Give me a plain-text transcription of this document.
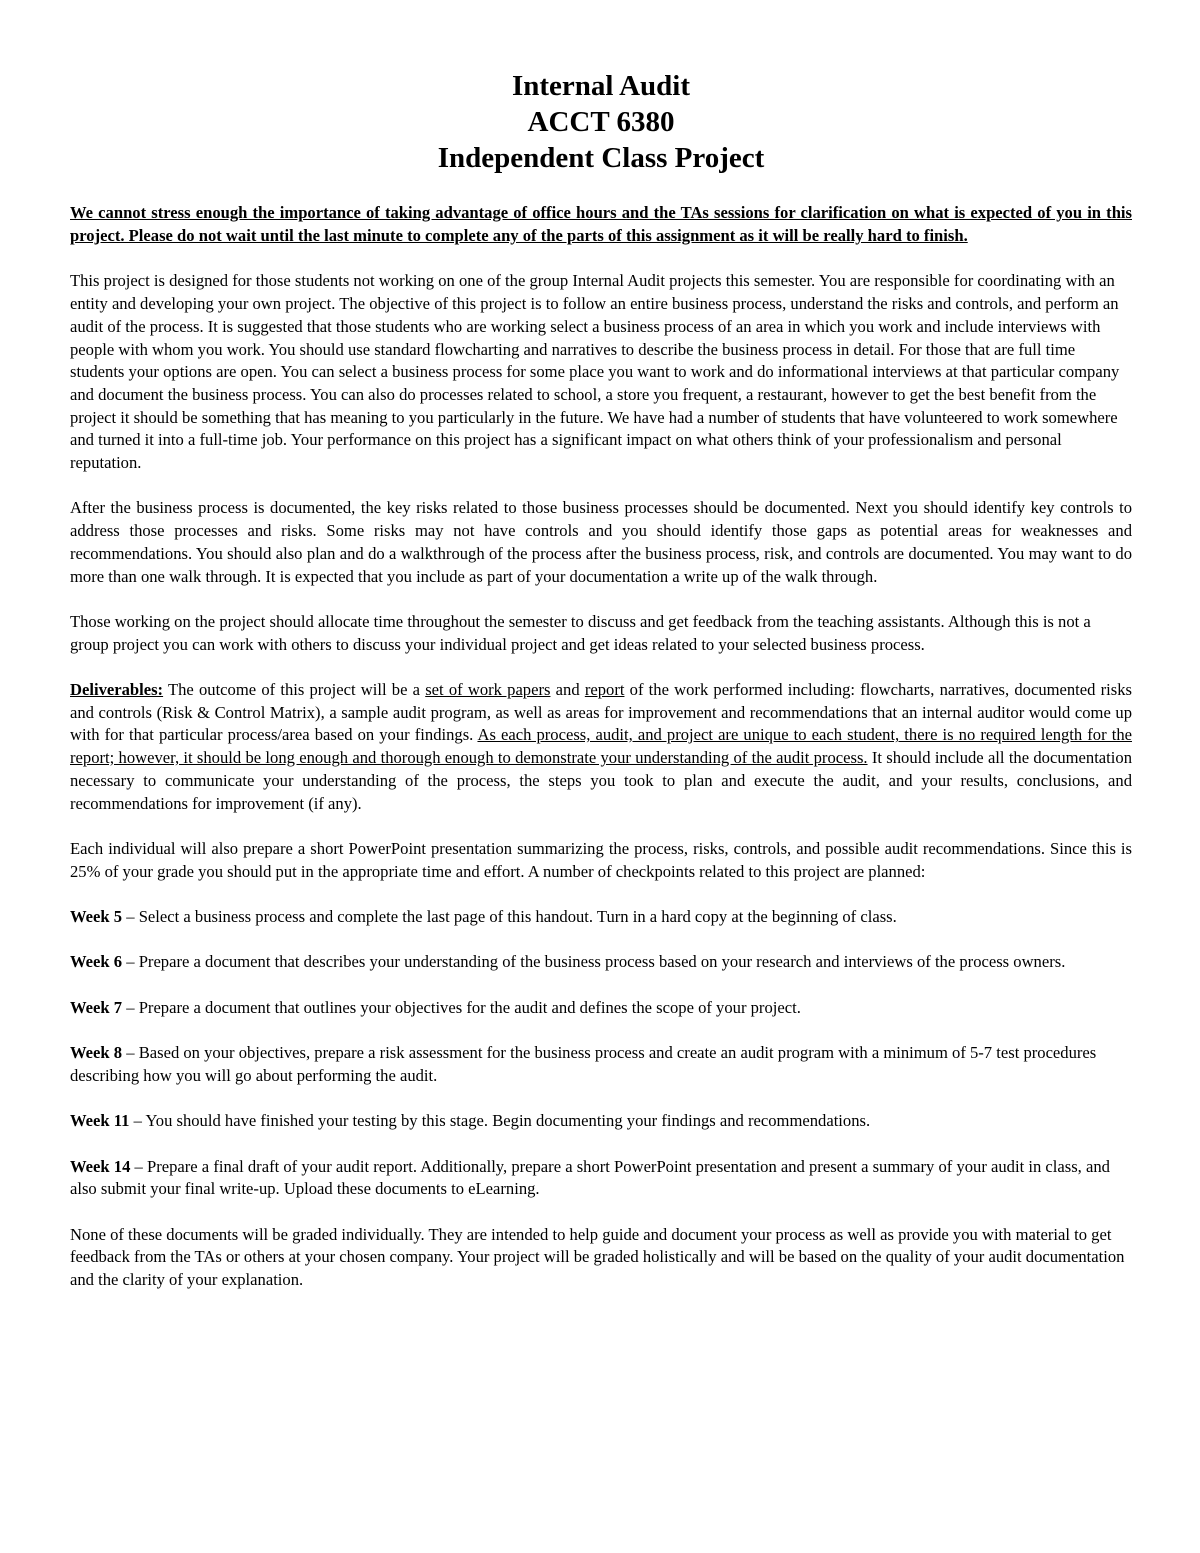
Internal Audit
ACCT 6380
Independent Class Project
We cannot stress enough the importance of taking advantage of office hours and the TAs sessions for clarification on what is expected of you in this project. Please do not wait until the last minute to complete any of the parts of this assignment as it will be really hard to finish.

This project is designed for those students not working on one of the group Internal Audit projects this semester. You are responsible for coordinating with an entity and developing your own project. The objective of this project is to follow an entire business process, understand the risks and controls, and perform an audit of the process. It is suggested that those students who are working select a business process of an area in which you work and include interviews with people with whom you work. You should use standard flowcharting and narratives to describe the business process in detail. For those that are full time students your options are open. You can select a business process for some place you want to work and do informational interviews at that particular company and document the business process. You can also do processes related to school, a store you frequent, a restaurant, however to get the best benefit from the project it should be something that has meaning to you particularly in the future. We have had a number of students that have volunteered to work somewhere and turned it into a full-time job. Your performance on this project has a significant impact on what others think of your professionalism and personal reputation.

After the business process is documented, the key risks related to those business processes should be documented. Next you should identify key controls to address those processes and risks. Some risks may not have controls and you should identify those gaps as potential areas for weaknesses and recommendations. You should also plan and do a walkthrough of the process after the business process, risk, and controls are documented. You may want to do more than one walk through. It is expected that you include as part of your documentation a write up of the walk through.

Those working on the project should allocate time throughout the semester to discuss and get feedback from the teaching assistants. Although this is not a group project you can work with others to discuss your individual project and get ideas related to your selected business process.

Deliverables: The outcome of this project will be a set of work papers and report of the work performed including: flowcharts, narratives, documented risks and controls (Risk & Control Matrix), a sample audit program, as well as areas for improvement and recommendations that an internal auditor would come up with for that particular process/area based on your findings. As each process, audit, and project are unique to each student, there is no required length for the report; however, it should be long enough and thorough enough to demonstrate your understanding of the audit process. It should include all the documentation necessary to communicate your understanding of the process, the steps you took to plan and execute the audit, and your results, conclusions, and recommendations for improvement (if any).

Each individual will also prepare a short PowerPoint presentation summarizing the process, risks, controls, and possible audit recommendations. Since this is 25% of your grade you should put in the appropriate time and effort. A number of checkpoints related to this project are planned:

Week 5 – Select a business process and complete the last page of this handout. Turn in a hard copy at the beginning of class.

Week 6 – Prepare a document that describes your understanding of the business process based on your research and interviews of the process owners.

Week 7 – Prepare a document that outlines your objectives for the audit and defines the scope of your project.

Week 8 – Based on your objectives, prepare a risk assessment for the business process and create an audit program with a minimum of 5-7 test procedures describing how you will go about performing the audit.

Week 11 – You should have finished your testing by this stage. Begin documenting your findings and recommendations.

Week 14 – Prepare a final draft of your audit report. Additionally, prepare a short PowerPoint presentation and present a summary of your audit in class, and also submit your final write-up. Upload these documents to eLearning.

None of these documents will be graded individually. They are intended to help guide and document your process as well as provide you with material to get feedback from the TAs or others at your chosen company. Your project will be graded holistically and will be based on the quality of your audit documentation and the clarity of your explanation.
